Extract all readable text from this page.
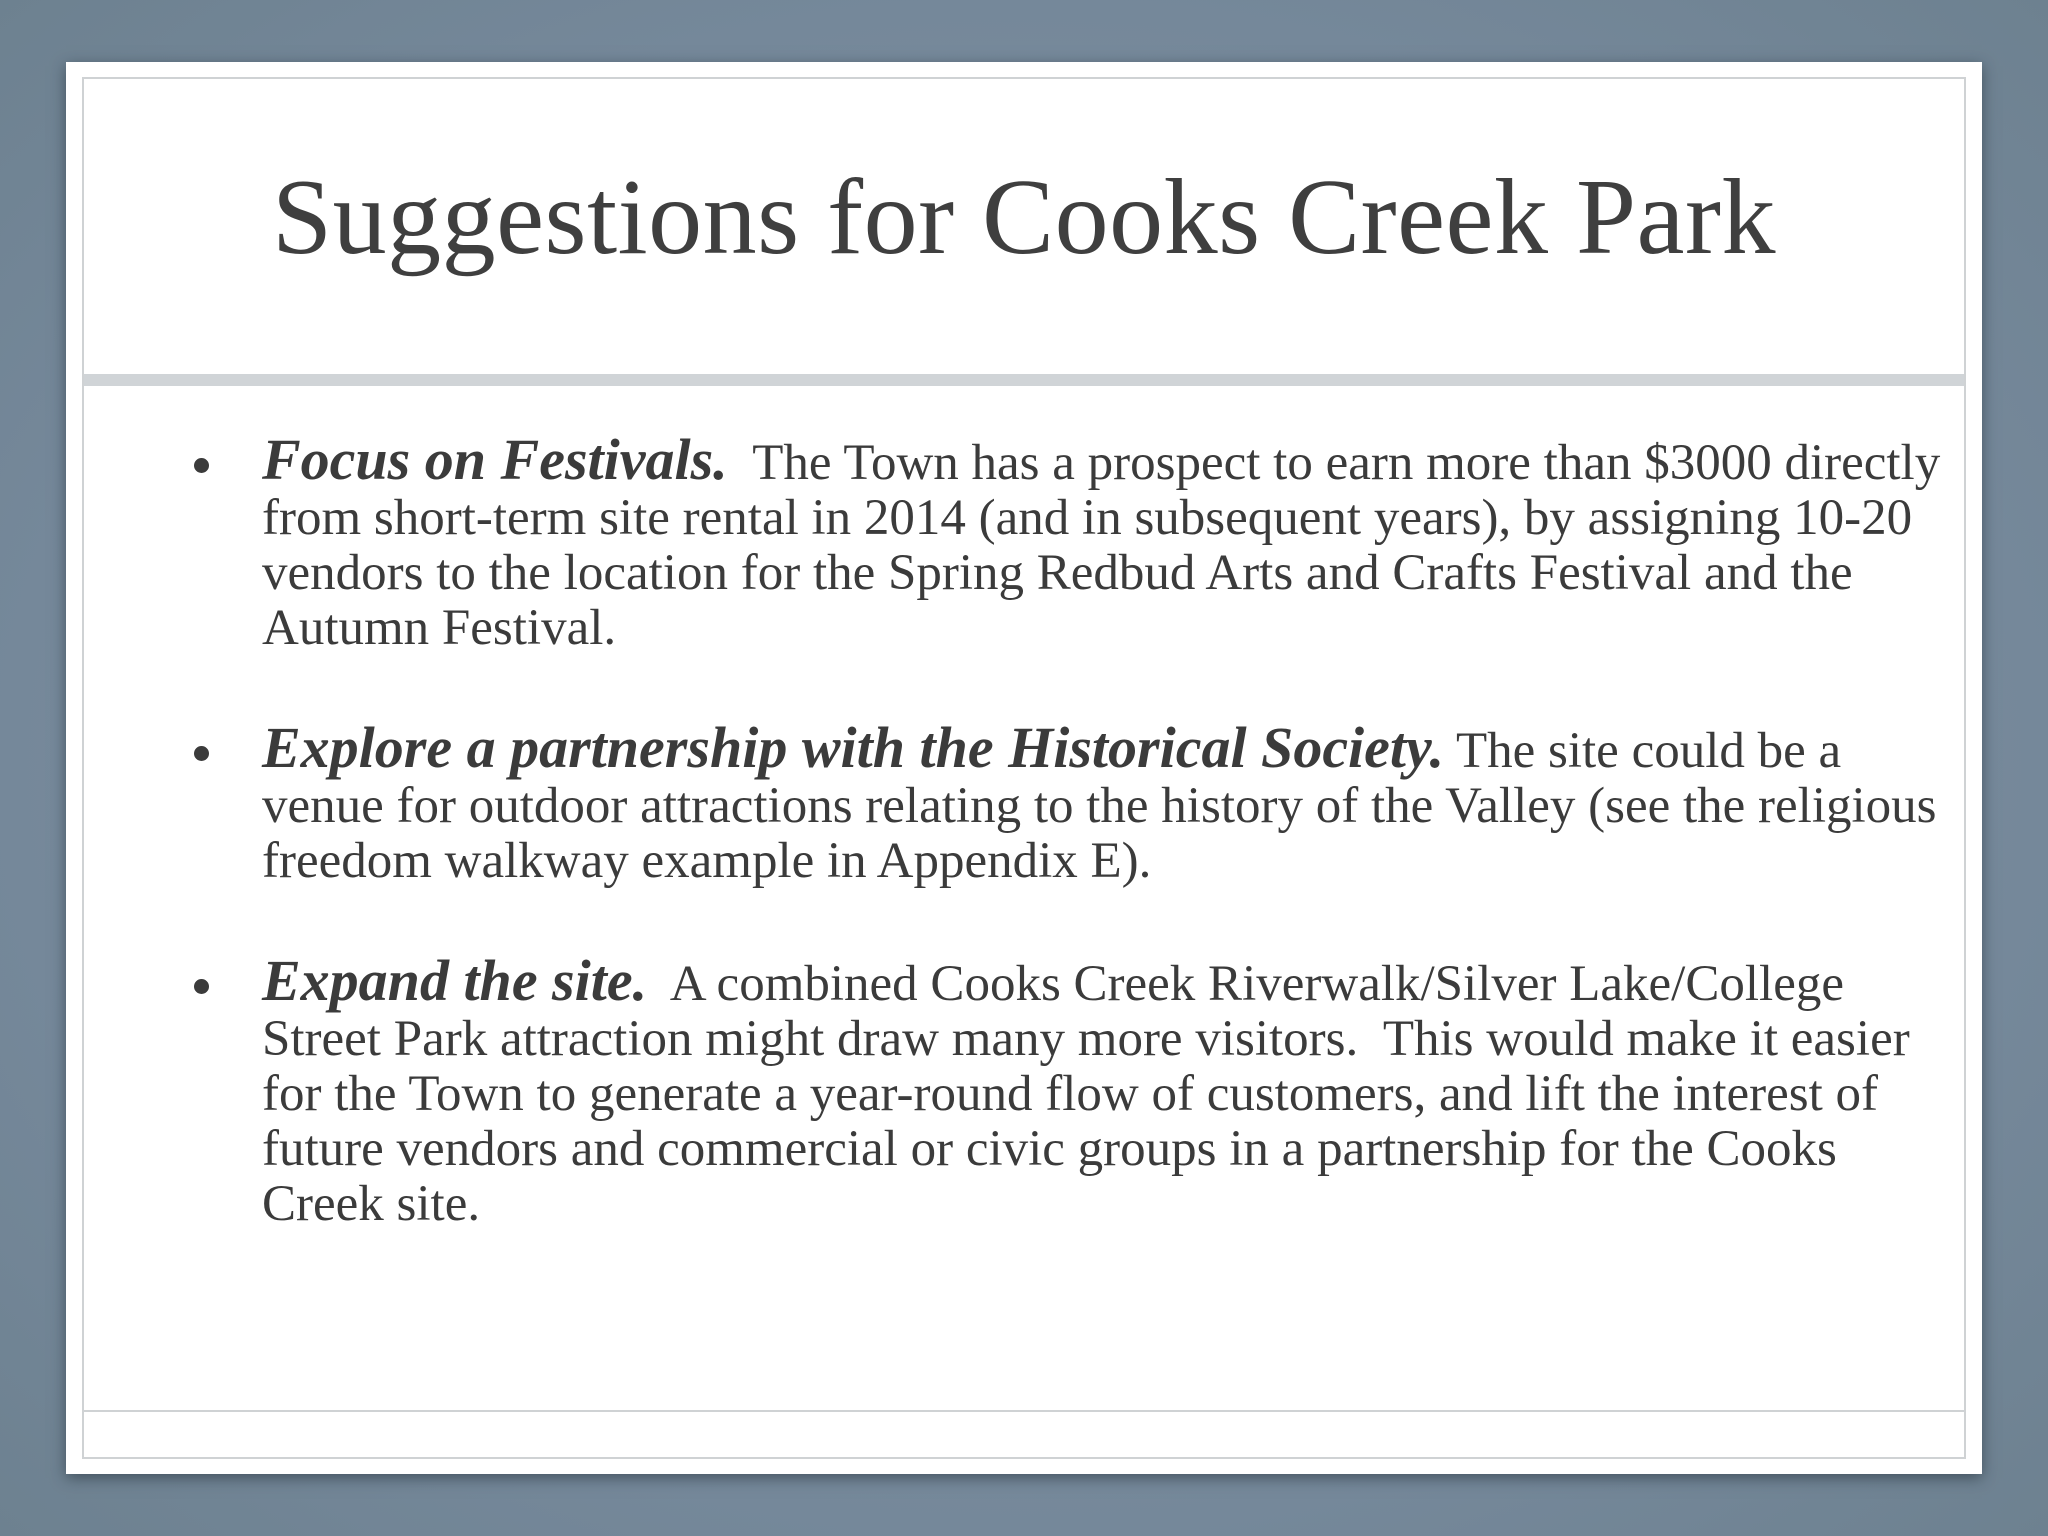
Suggestions for Cooks Creek Park
Focus on Festivals.  The Town has a prospect to earn more than $3000 directly from short-term site rental in 2014 (and in subsequent years), by assigning 10-20 vendors to the location for the Spring Redbud Arts and Crafts Festival and the Autumn Festival.
Explore a partnership with the Historical Society. The site could be a venue for outdoor attractions relating to the history of the Valley (see the religious freedom walkway example in Appendix E).
Expand the site.  A combined Cooks Creek Riverwalk/Silver Lake/College Street Park attraction might draw many more visitors.  This would make it easier for the Town to generate a year-round flow of customers, and lift the interest of future vendors and commercial or civic groups in a partnership for the Cooks Creek site.
